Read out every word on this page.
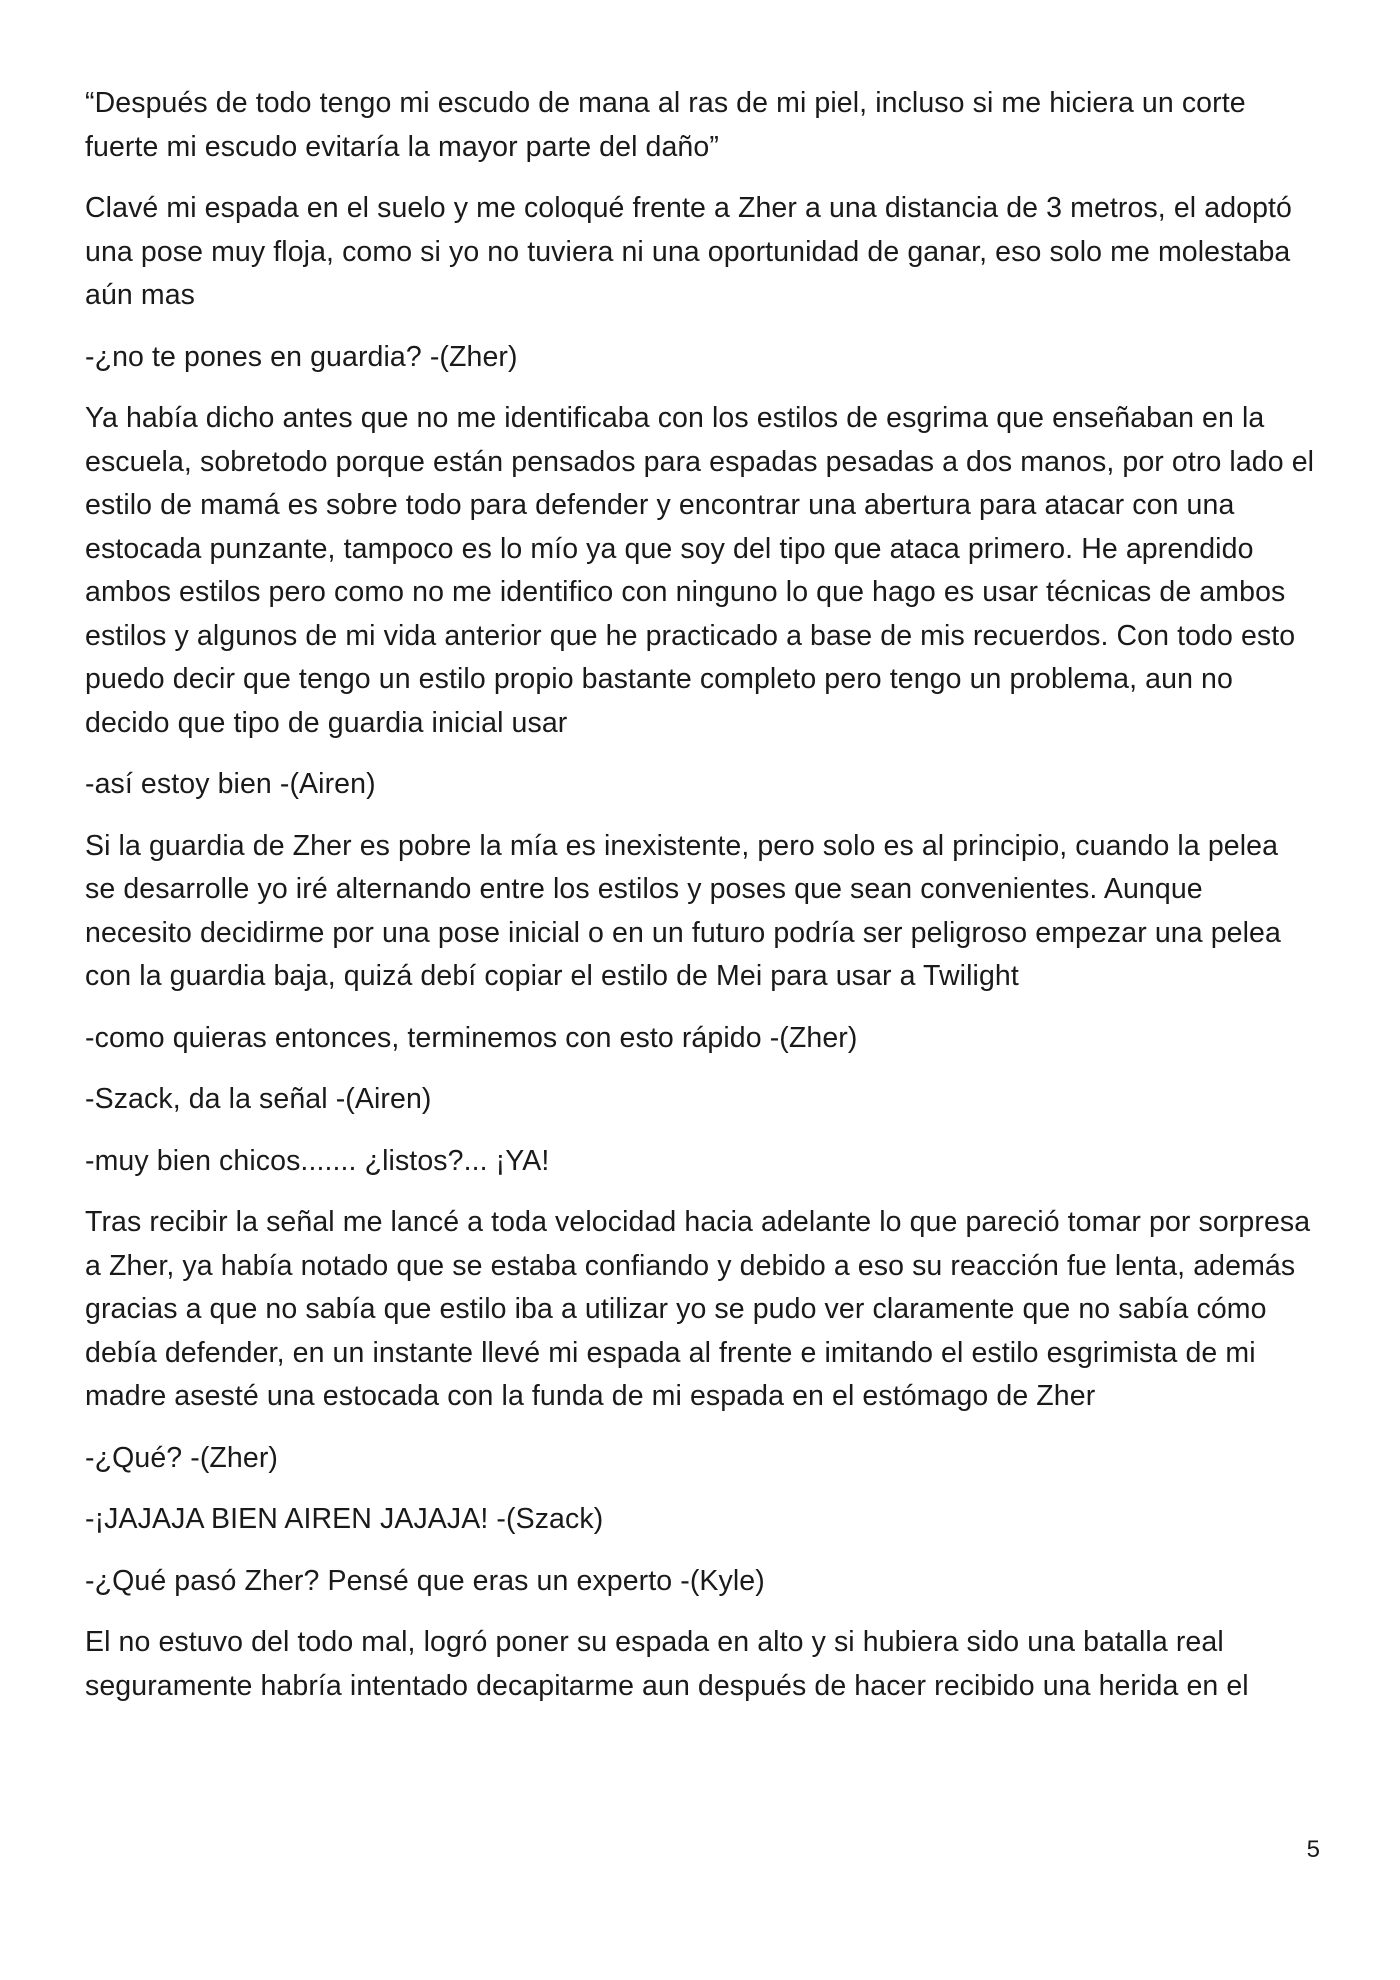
“Después de todo tengo mi escudo de mana al ras de mi piel, incluso si me hiciera un corte fuerte mi escudo evitaría la mayor parte del daño”

Clavé mi espada en el suelo y me coloqué frente a Zher a una distancia de 3 metros, el adoptó una pose muy floja, como si yo no tuviera ni una oportunidad de ganar, eso solo me molestaba aún mas

-¿no te pones en guardia? -(Zher)

Ya había dicho antes que no me identificaba con los estilos de esgrima que enseñaban en la escuela, sobretodo porque están pensados para espadas pesadas a dos manos, por otro lado el estilo de mamá es sobre todo para defender y encontrar una abertura para atacar con una estocada punzante, tampoco es lo mío ya que soy del tipo que ataca primero. He aprendido ambos estilos pero como no me identifico con ninguno lo que hago es usar técnicas de ambos estilos y algunos de mi vida anterior que he practicado a base de mis recuerdos. Con todo esto puedo decir que tengo un estilo propio bastante completo pero tengo un problema, aun no decido que tipo de guardia inicial usar

-así estoy bien -(Airen)

Si la guardia de Zher es pobre la mía es inexistente, pero solo es al principio, cuando la pelea se desarrolle yo iré alternando entre los estilos y poses que sean convenientes. Aunque necesito decidirme por una pose inicial o en un futuro podría ser peligroso empezar una pelea con la guardia baja, quizá debí copiar el estilo de Mei para usar a Twilight

-como quieras entonces, terminemos con esto rápido -(Zher)

-Szack, da la señal -(Airen)

-muy bien chicos....... ¿listos?... ¡YA!

Tras recibir la señal me lancé a toda velocidad hacia adelante lo que pareció tomar por sorpresa a Zher, ya había notado que se estaba confiando y debido a eso su reacción fue lenta, además gracias a que no sabía que estilo iba a utilizar yo se pudo ver claramente que no sabía cómo debía defender, en un instante llevé mi espada al frente e imitando el estilo esgrimista de mi madre asesté una estocada con la funda de mi espada en el estómago de Zher

-¿Qué? -(Zher)

-¡JAJAJA BIEN AIREN JAJAJA! -(Szack)

-¿Qué pasó Zher? Pensé que eras un experto -(Kyle)

El no estuvo del todo mal, logró poner su espada en alto y si hubiera sido una batalla real seguramente habría intentado decapitarme aun después de hacer recibido una herida en el

5
